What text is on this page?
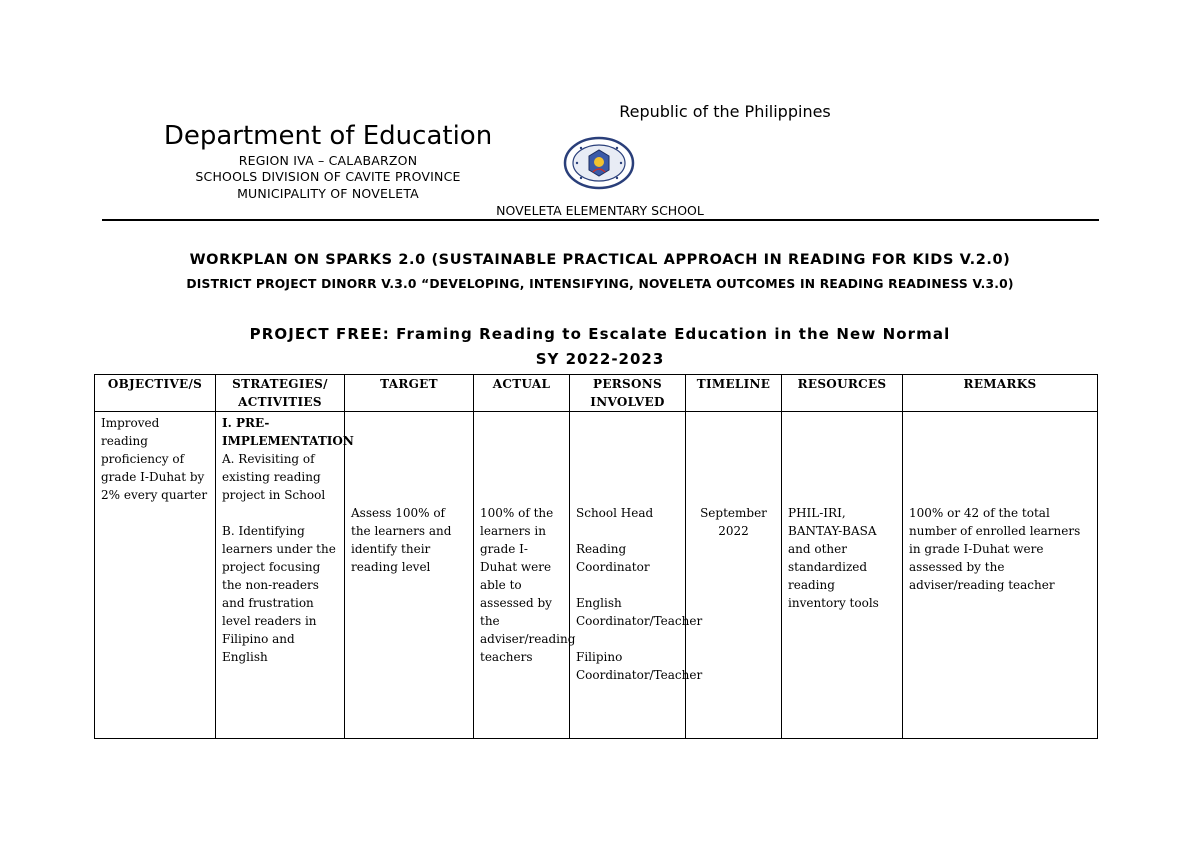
Republic of the Philippines
Department of Education
REGION IVA – CALABARZON
SCHOOLS DIVISION OF CAVITE PROVINCE
MUNICIPALITY OF NOVELETA
NOVELETA ELEMENTARY SCHOOL
WORKPLAN ON SPARKS 2.0 (SUSTAINABLE PRACTICAL APPROACH IN READING FOR KIDS V.2.0)
DISTRICT PROJECT DINORR V.3.0 “DEVELOPING, INTENSIFYING, NOVELETA OUTCOMES IN READING READINESS V.3.0)
PROJECT FREE: Framing Reading to Escalate Education in the New Normal
SY 2022-2023
OBJECTIVE/S	STRATEGIES/ ACTIVITIES	TARGET	ACTUAL	PERSONS INVOLVED	TIMELINE	RESOURCES	REMARKS
Improved reading proficiency of grade I-Duhat by 2% every quarter	I. PRE-IMPLEMENTATION
A. Revisiting of existing reading project in School
B. Identifying learners under the project focusing the non-readers and frustration level readers in Filipino and English	Assess 100% of the learners and identify their reading level	100% of the learners in grade I-Duhat were able to assessed by the adviser/reading teachers	School Head
Reading Coordinator
English Coordinator/Teacher
Filipino Coordinator/Teacher	September 2022	PHIL-IRI, BANTAY-BASA and other standardized reading inventory tools	100% or 42 of the total number of enrolled learners in grade I-Duhat were assessed by the adviser/reading teacher
